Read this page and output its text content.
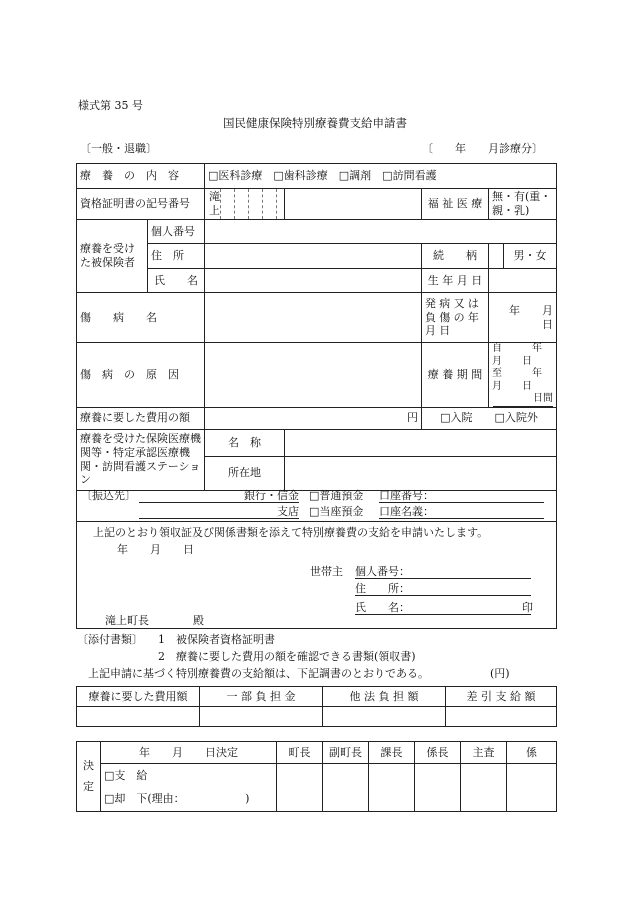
様式第 35 号
国民健康保険特別療養費支給申請書
〔一般・退職〕	〔　　年　　月診療分〕
療　養　の　内　容		□医科診療　□歯科診療　□調剤　□訪問看護			
資格証明書の記号番号		滝上		福 祉 医 療	無・有(重・親・乳)
療養を受けた被保険者	個人番号				
	住　所			続　　柄	男・女

	氏　　名			生 年 月 日	
傷　　病　　名				発病又は負傷の年月日	年　　月　　日
傷　病　の　原　因				療 養 期 間	自　　　年　　月　　日
至　　　年　　月　　日
日間

療養に要した費用の額		円		□入院　　□入院外	
療養を受けた保険医療機関等・特定承認医療機関・訪問看護ステーション		名　称			
		所在地			
〔振込先〕	銀行・信金 □普通預金 口座番号：
支店 □当座預金 口座名義：
上記のとおり領収証及び関係書類を添えて特別療養費の支給を申請いたします。
年　　月　　日
世帯主 個人番号：
住　　所：
氏　　名：	印
滝上町長　　　　殿
〔添付書類〕 1　被保険者資格証明書
2　療養に要した費用の額を確認できる書類(領収書)
上記申請に基づく特別療養費の支給額は、下記調書のとおりである。	(円)
療養に要した費用額	一 部 負 担 金	他 法 負 担 額	差 引 支 給 額

決定	年　　月　　日決定	町長	副町長	課長	係長	主査	係
	□支　給						
	□却　下(理由：　　　　　　)						
